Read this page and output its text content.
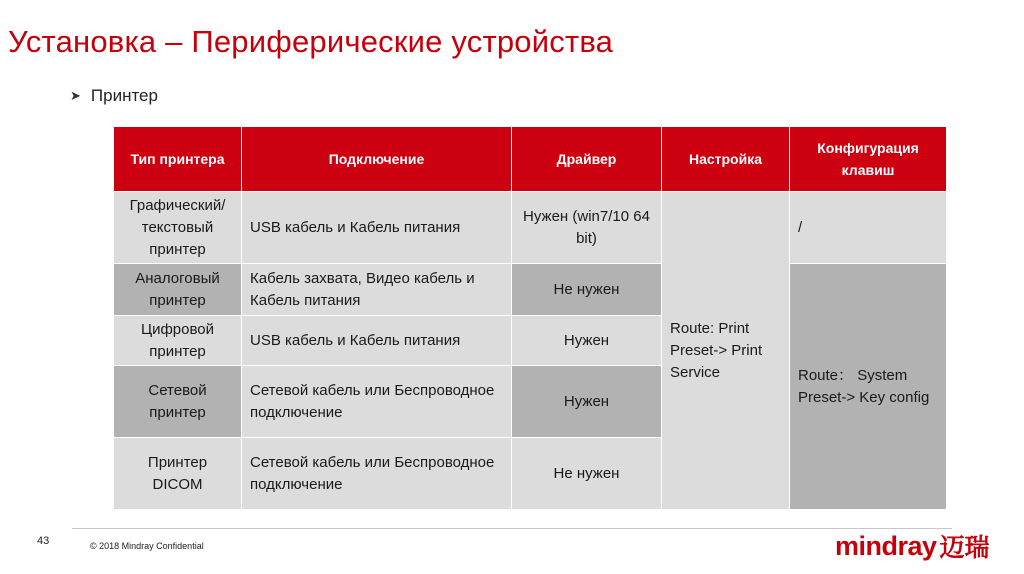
Установка – Периферические устройства
➤ Принтер
Тип принтера	Подключение	Драйвер	Настройка	Конфигурация клавиш
Графический/ текстовый принтер	USB кабель и Кабель питания	Нужен (win7/10 64 bit)	Route: Print Preset-> Print Service	/
Аналоговый принтер	Кабель захвата, Видео кабель и Кабель питания	Не нужен		Route： System Preset-> Key config
Цифровой принтер	USB кабель и Кабель питания	Нужен		
Сетевой принтер	Сетевой кабель или Беспроводное подключение	Нужен		
Принтер DICOM	Сетевой кабель или Беспроводное подключение	Не нужен		
43	© 2018 Mindray Confidential	mindray 迈瑞
